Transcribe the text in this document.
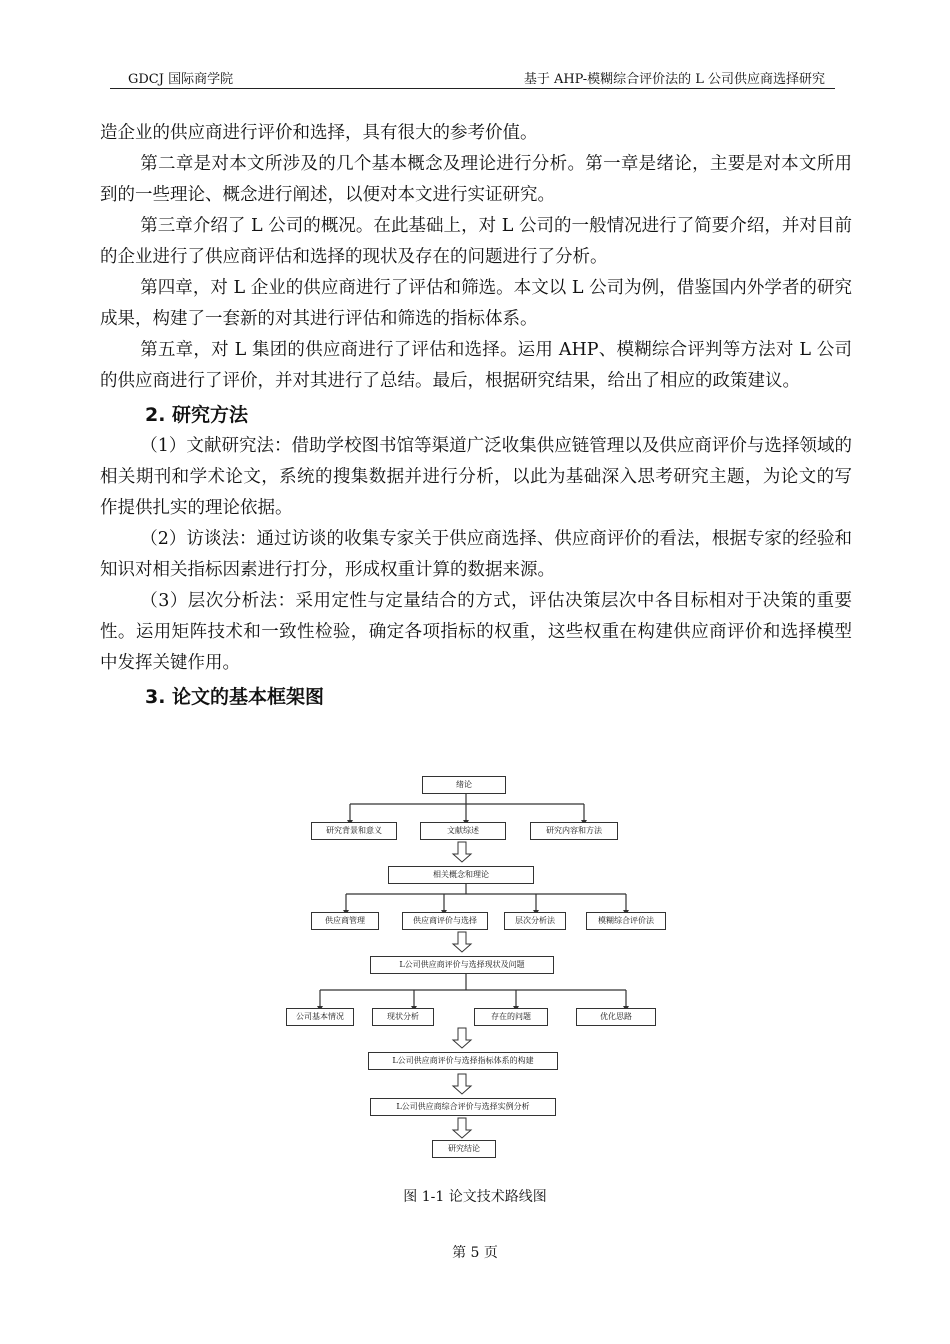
GDCJ 国际商学院	基于 AHP-模糊综合评价法的 L 公司供应商选择研究

造企业的供应商进行评价和选择，具有很大的参考价值。

第二章是对本文所涉及的几个基本概念及理论进行分析。第一章是绪论，主要是对本文所用到的一些理论、概念进行阐述，以便对本文进行实证研究。

第三章介绍了 L 公司的概况。在此基础上，对 L 公司的一般情况进行了简要介绍，并对目前的企业进行了供应商评估和选择的现状及存在的问题进行了分析。

第四章，对 L 企业的供应商进行了评估和筛选。本文以 L 公司为例，借鉴国内外学者的研究成果，构建了一套新的对其进行评估和筛选的指标体系。

第五章，对 L 集团的供应商进行了评估和选择。运用 AHP、模糊综合评判等方法对 L 公司的供应商进行了评价，并对其进行了总结。最后，根据研究结果，给出了相应的政策建议。

2. 研究方法

（1）文献研究法：借助学校图书馆等渠道广泛收集供应链管理以及供应商评价与选择领域的相关期刊和学术论文，系统的搜集数据并进行分析，以此为基础深入思考研究主题，为论文的写作提供扎实的理论依据。

（2）访谈法：通过访谈的收集专家关于供应商选择、供应商评价的看法，根据专家的经验和知识对相关指标因素进行打分，形成权重计算的数据来源。

（3）层次分析法：采用定性与定量结合的方式，评估决策层次中各目标相对于决策的重要性。运用矩阵技术和一致性检验，确定各项指标的权重，这些权重在构建供应商评价和选择模型中发挥关键作用。

3. 论文的基本框架图
绪论
研究背景和意义	文献综述	研究内容和方法
相关概念和理论
供应商管理	供应商评价与选择	层次分析法	模糊综合评价法
L公司供应商评价与选择现状及问题
公司基本情况	现状分析	存在的问题	优化思路
L公司供应商评价与选择指标体系的构建
L公司供应商综合评价与选择实例分析
研究结论
图 1-1 论文技术路线图
第 5 页
